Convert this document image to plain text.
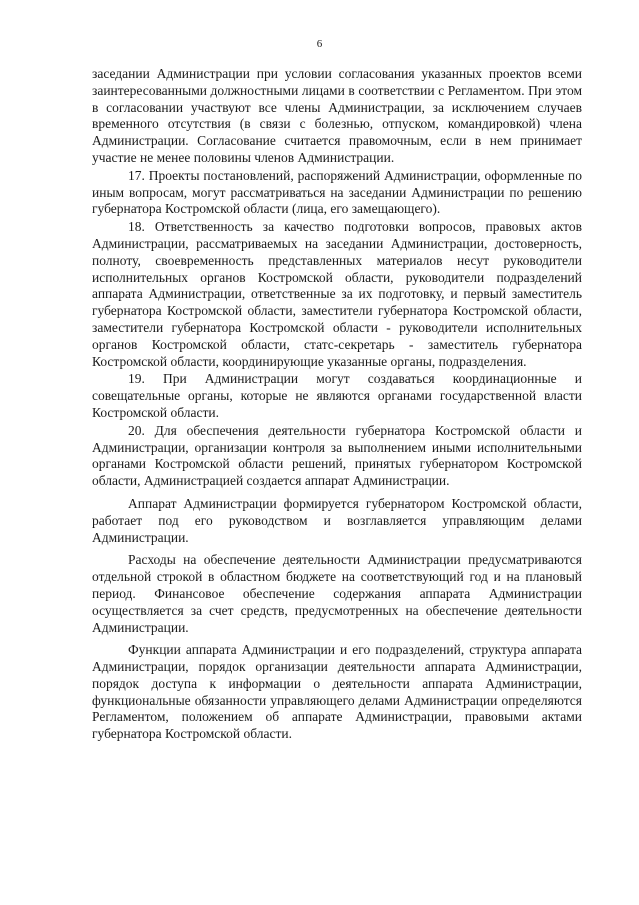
6

заседании Администрации при условии согласования указанных проектов всеми заинтересованными должностными лицами в соответствии с Регламентом. При этом в согласовании участвуют все члены Администрации, за исключением случаев временного отсутствия (в связи с болезнью, отпуском, командировкой) члена Администрации. Согласование считается правомочным, если в нем принимает участие не менее половины членов Администрации.

17. Проекты постановлений, распоряжений Администрации, оформленные по иным вопросам, могут рассматриваться на заседании Администрации по решению губернатора Костромской области (лица, его замещающего).

18. Ответственность за качество подготовки вопросов, правовых актов Администрации, рассматриваемых на заседании Администрации, достоверность, полноту, своевременность представленных материалов несут руководители исполнительных органов Костромской области, руководители подразделений аппарата Администрации, ответственные за их подготовку, и первый заместитель губернатора Костромской области, заместители губернатора Костромской области, заместители губернатора Костромской области - руководители исполнительных органов Костромской области, статс-секретарь - заместитель губернатора Костромской области, координирующие указанные органы, подразделения.

19. При Администрации могут создаваться координационные и совещательные органы, которые не являются органами государственной власти Костромской области.

20. Для обеспечения деятельности губернатора Костромской области и Администрации, организации контроля за выполнением иными исполнительными органами Костромской области решений, принятых губернатором Костромской области, Администрацией создается аппарат Администрации.

Аппарат Администрации формируется губернатором Костромской области, работает под его руководством и возглавляется управляющим делами Администрации.

Расходы на обеспечение деятельности Администрации предусматриваются отдельной строкой в областном бюджете на соответствующий год и на плановый период. Финансовое обеспечение содержания аппарата Администрации осуществляется за счет средств, предусмотренных на обеспечение деятельности Администрации.

Функции аппарата Администрации и его подразделений, структура аппарата Администрации, порядок организации деятельности аппарата Администрации, порядок доступа к информации о деятельности аппарата Администрации, функциональные обязанности управляющего делами Администрации определяются Регламентом, положением об аппарате Администрации, правовыми актами губернатора Костромской области.
